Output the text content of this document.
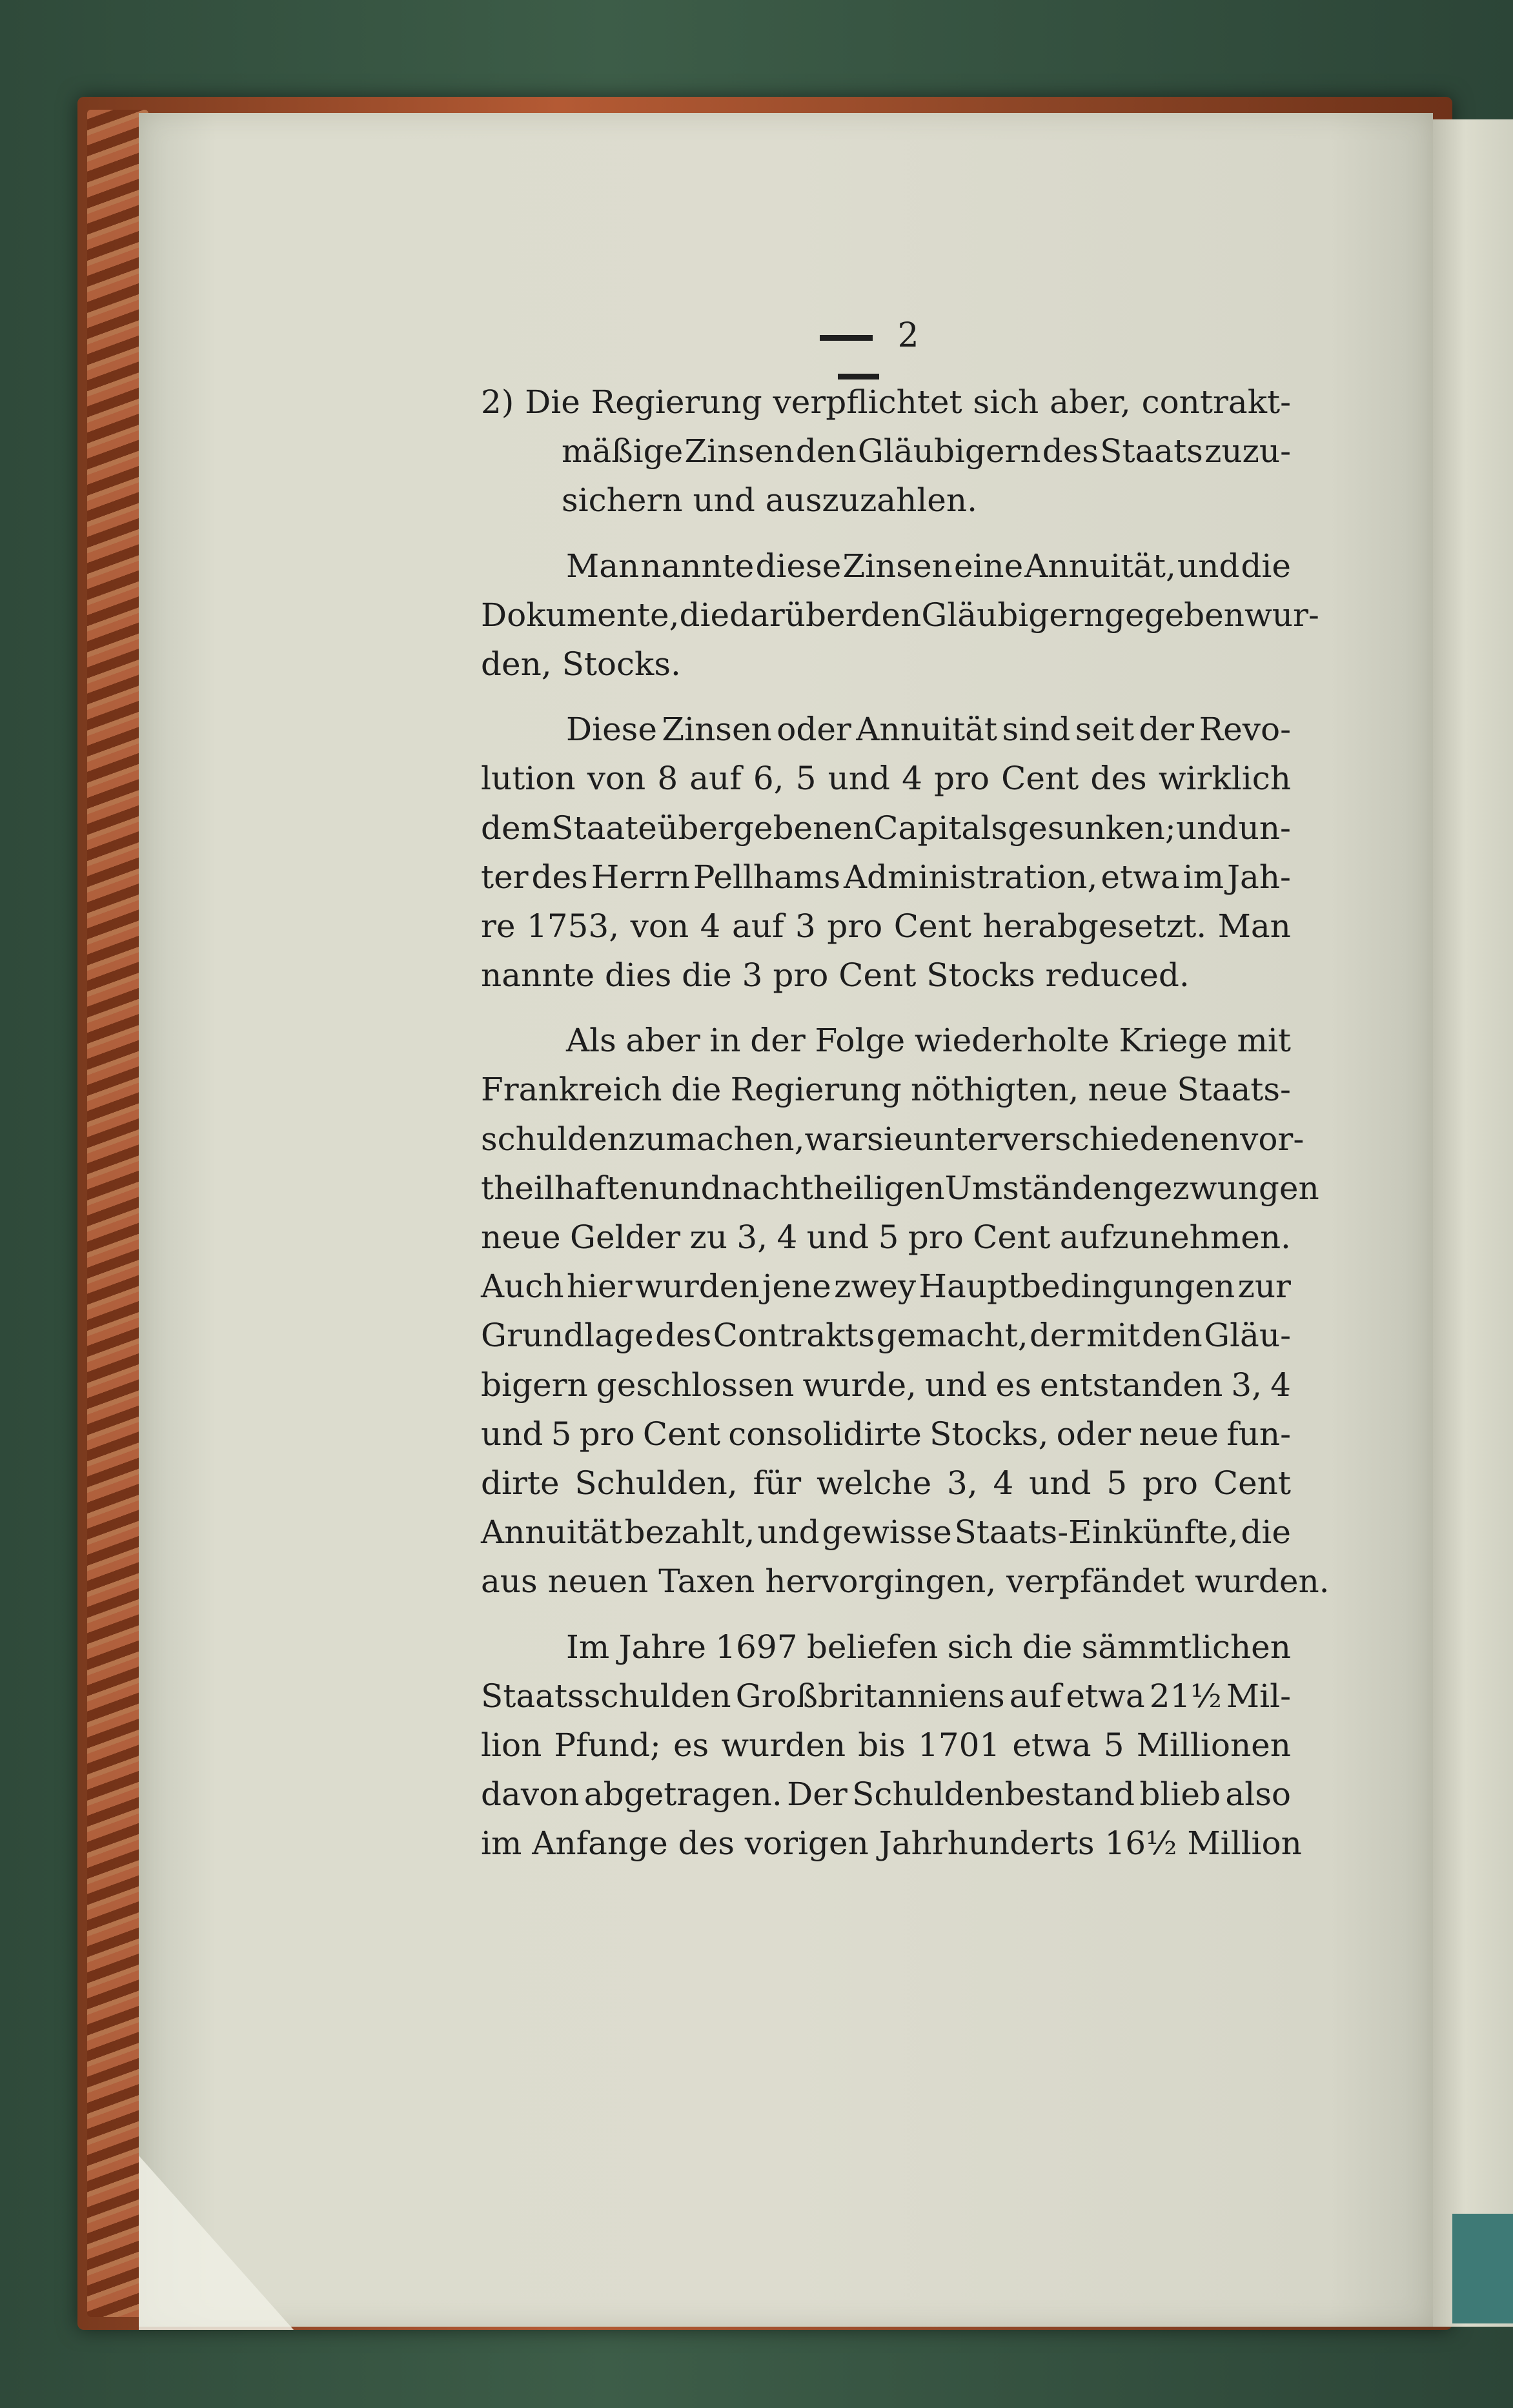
2
2) Die Regierung verpflichtet sich aber, contrakt-
mäßige Zinsen den Gläubigern des Staats zuzu-
sichern und auszuzahlen.
Man nannte diese Zinsen eine Annuität, und die
Dokumente, die darüber den Gläubigern gegeben wur-
den, Stocks.
Diese Zinsen oder Annuität sind seit der Revo-
lution von 8 auf 6, 5 und 4 pro Cent des wirklich
dem Staate übergebenen Capitals gesunken; und un-
ter des Herrn Pellhams Administration, etwa im Jah-
re 1753, von 4 auf 3 pro Cent herabgesetzt. Man
nannte dies die 3 pro Cent Stocks reduced.
Als aber in der Folge wiederholte Kriege mit
Frankreich die Regierung nöthigten, neue Staats-
schulden zu machen, war sie unter verschiedenen vor-
theilhaften und nachtheiligen Umständen gezwungen
neue Gelder zu 3, 4 und 5 pro Cent aufzunehmen.
Auch hier wurden jene zwey Hauptbedingungen zur
Grundlage des Contrakts gemacht, der mit den Gläu-
bigern geschlossen wurde, und es entstanden 3, 4
und 5 pro Cent consolidirte Stocks, oder neue fun-
dirte Schulden, für welche 3, 4 und 5 pro Cent
Annuität bezahlt, und gewisse Staats-Einkünfte, die
aus neuen Taxen hervorgingen, verpfändet wurden.
Im Jahre 1697 beliefen sich die sämmtlichen
Staatsschulden Großbritanniens auf etwa 21½ Mil-
lion Pfund; es wurden bis 1701 etwa 5 Millionen
davon abgetragen. Der Schuldenbestand blieb also
im Anfange des vorigen Jahrhunderts 16½ Million
